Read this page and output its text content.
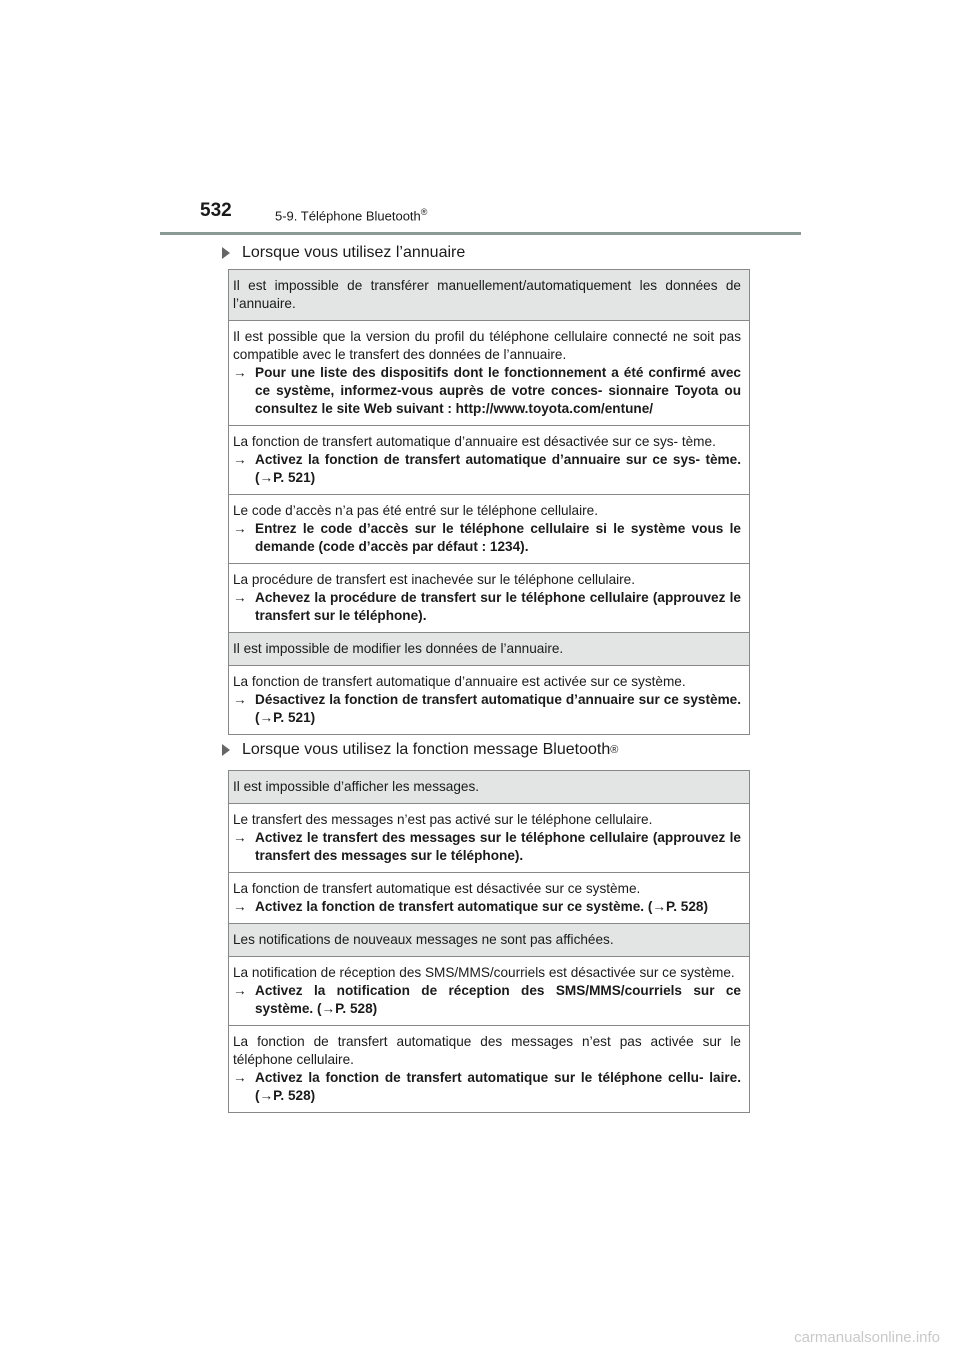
532	5-9. Téléphone Bluetooth®
Lorsque vous utilisez l’annuaire
Il est impossible de transférer manuellement/automatiquement les données de l’annuaire.
Il est possible que la version du profil du téléphone cellulaire connecté ne soit pas compatible avec le transfert des données de l’annuaire.
→ Pour une liste des dispositifs dont le fonctionnement a été confirmé avec ce système, informez-vous auprès de votre conces- sionnaire Toyota ou consultez le site Web suivant : http://www.toyota.com/entune/
La fonction de transfert automatique d’annuaire est désactivée sur ce sys- tème.
→ Activez la fonction de transfert automatique d’annuaire sur ce sys- tème. (→P. 521)
Le code d’accès n’a pas été entré sur le téléphone cellulaire.
→ Entrez le code d’accès sur le téléphone cellulaire si le système vous le demande (code d’accès par défaut : 1234).
La procédure de transfert est inachevée sur le téléphone cellulaire.
→ Achevez la procédure de transfert sur le téléphone cellulaire (approuvez le transfert sur le téléphone).
Il est impossible de modifier les données de l’annuaire.
La fonction de transfert automatique d’annuaire est activée sur ce système.
→ Désactivez la fonction de transfert automatique d’annuaire sur ce système. (→P. 521)
Lorsque vous utilisez la fonction message Bluetooth ®
Il est impossible d’afficher les messages.
Le transfert des messages n’est pas activé sur le téléphone cellulaire.
→ Activez le transfert des messages sur le téléphone cellulaire (approuvez le transfert des messages sur le téléphone).
La fonction de transfert automatique est désactivée sur ce système.
→ Activez la fonction de transfert automatique sur ce système. (→P. 528)
Les notifications de nouveaux messages ne sont pas affichées.
La notification de réception des SMS/MMS/courriels est désactivée sur ce système.
→ Activez la notification de réception des SMS/MMS/courriels sur ce système. (→P. 528)
La fonction de transfert automatique des messages n’est pas activée sur le téléphone cellulaire.
→ Activez la fonction de transfert automatique sur le téléphone cellu- laire. (→P. 528)
carmanualsonline.info
